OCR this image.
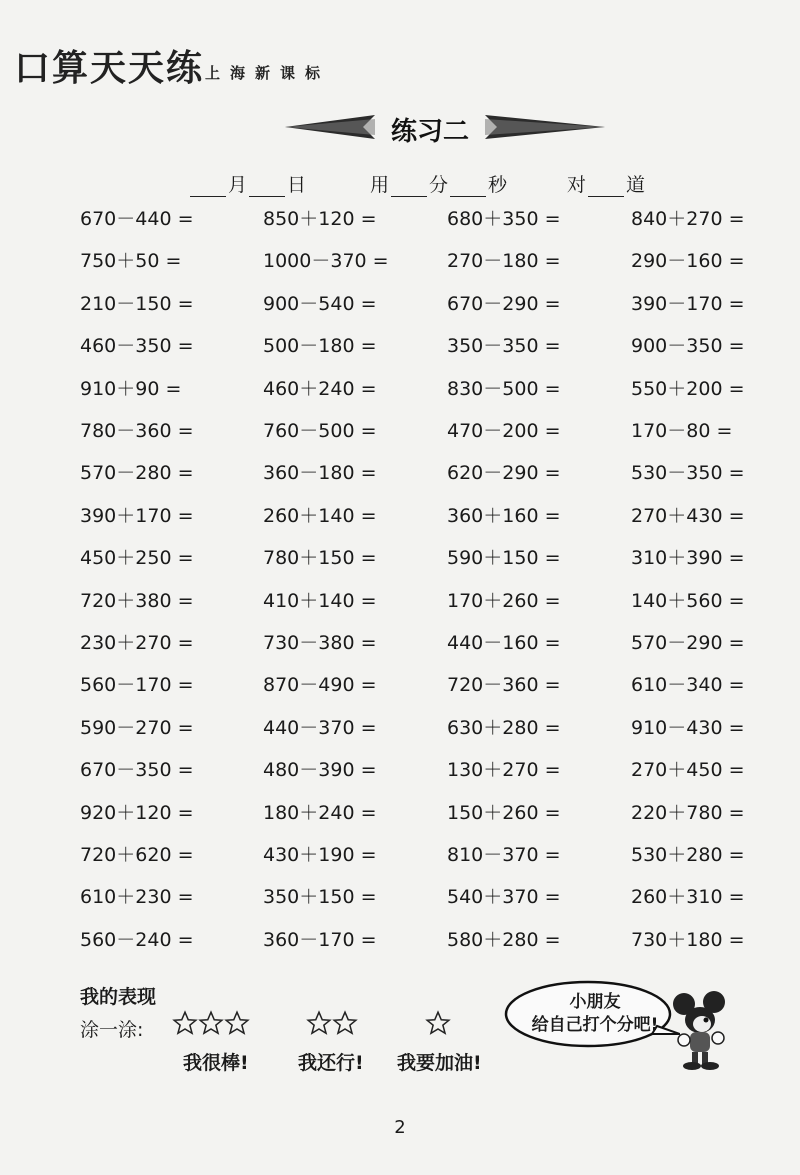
口算天天练 上海新课标
练习二
月 日	用 分 秒	对 道
670－440 =	850＋120 =	680＋350 =	840＋270 =
750＋50 =	1000－370 =	270－180 =	290－160 =
210－150 =	900－540 =	670－290 =	390－170 =
460－350 =	500－180 =	350－350 =	900－350 =
910＋90 =	460＋240 =	830－500 =	550＋200 =
780－360 =	760－500 =	470－200 =	170－80 =
570－280 =	360－180 =	620－290 =	530－350 =
390＋170 =	260＋140 =	360＋160 =	270＋430 =
450＋250 =	780＋150 =	590＋150 =	310＋390 =
720＋380 =	410＋140 =	170＋260 =	140＋560 =
230＋270 =	730－380 =	440－160 =	570－290 =
560－170 =	870－490 =	720－360 =	610－340 =
590－270 =	440－370 =	630＋280 =	910－430 =
670－350 =	480－390 =	130＋270 =	270＋450 =
920＋120 =	180＋240 =	150＋260 =	220＋780 =
720＋620 =	430＋190 =	810－370 =	530＋280 =
610＋230 =	350＋150 =	540＋370 =	260＋310 =
560－240 =	360－170 =	580＋280 =	730＋180 =
我的表现
涂一涂:
我很棒!	我还行! 我要加油!
小朋友
给自己打个分吧!
2
